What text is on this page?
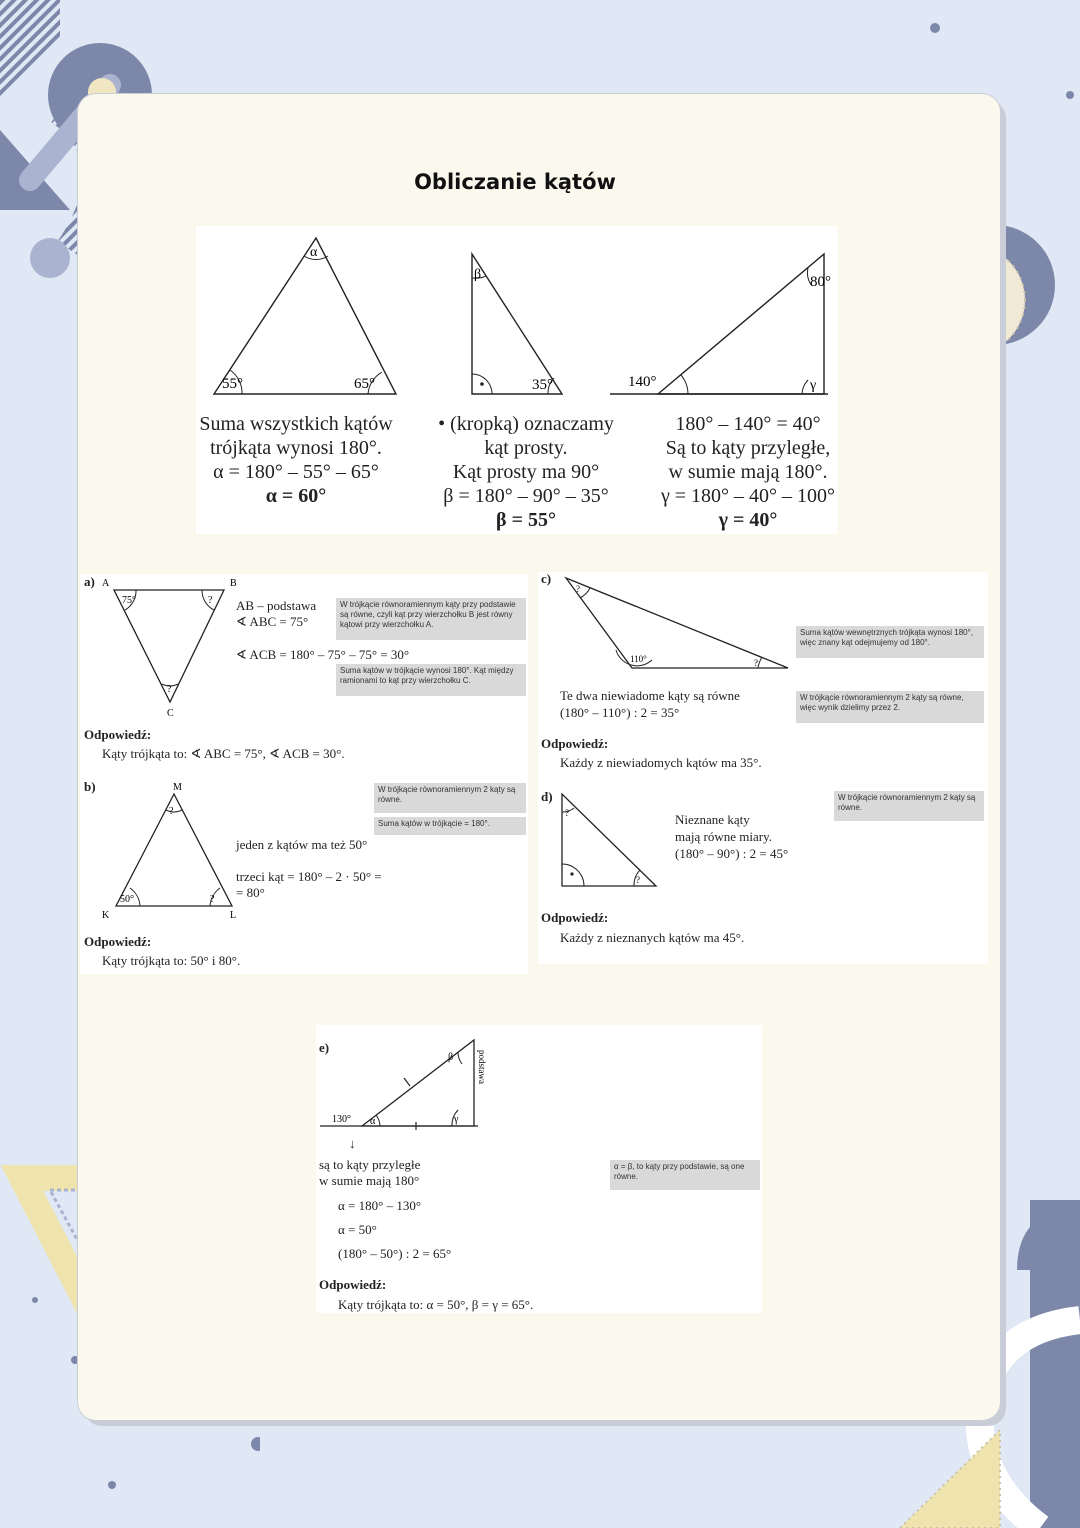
Obliczanie kątów
α
55°	65°
β
35°
80°
140°	γ
Suma wszystkich kątów
trójkąta wynosi 180°.
α = 180° – 55° – 65°
α = 60°
• (kropką) oznaczamy
kąt prosty.
Kąt prosty ma 90°
β = 180° – 90° – 35°
β = 55°
180° – 140° = 40°
Są to kąty przyległe,
w sumie mają 180°.
γ = 180° – 40° – 100°
γ = 40°
a) A	B
C
75°	?
?
AB – podstawa
∢ ABC = 75°
∢ ACB = 180° – 75° – 75° = 30°
W trójkącie równoramiennym kąty przy podstawie są równe, czyli kąt przy wierzchołku B jest równy kątowi przy wierzchołku A.
Suma kątów w trójkącie wynosi 180°. Kąt między ramionami to kąt przy wierzchołku C.
Odpowiedź:
Kąty trójkąta to: ∢ ABC = 75°, ∢ ACB = 30°.
b)	M
K	L
?
50°	?
W trójkącie równoramiennym 2 kąty są równe.
Suma kątów w trójkącie = 180°.
jeden z kątów ma też 50°
trzeci kąt = 180° – 2 · 50° =
= 80°
Odpowiedź:
Kąty trójkąta to: 50° i 80°.
c)
?
110°	?
Suma kątów wewnętrznych trójkąta wynosi 180°, więc znany kąt odejmujemy od 180°.
Te dwa niewiadome kąty są równe
(180° – 110°) : 2 = 35°
W trójkącie równoramiennym 2 kąty są równe, więc wynik dzielimy przez 2.
Odpowiedź:
Każdy z niewiadomych kątów ma 35°.
d)
?
?
Nieznane kąty
mają równe miary.
(180° – 90°) : 2 = 45°
W trójkącie równoramiennym 2 kąty są równe.
Odpowiedź:
Każdy z nieznanych kątów ma 45°.
e)
130° α
β
γ
podstawa
↓
są to kąty przyległe
w sumie mają 180°
α = 180° – 130°
α = 50°
(180° – 50°) : 2 = 65°
α = β, to kąty przy podstawie, są one równe.
Odpowiedź:
Kąty trójkąta to: α = 50°, β = γ = 65°.
